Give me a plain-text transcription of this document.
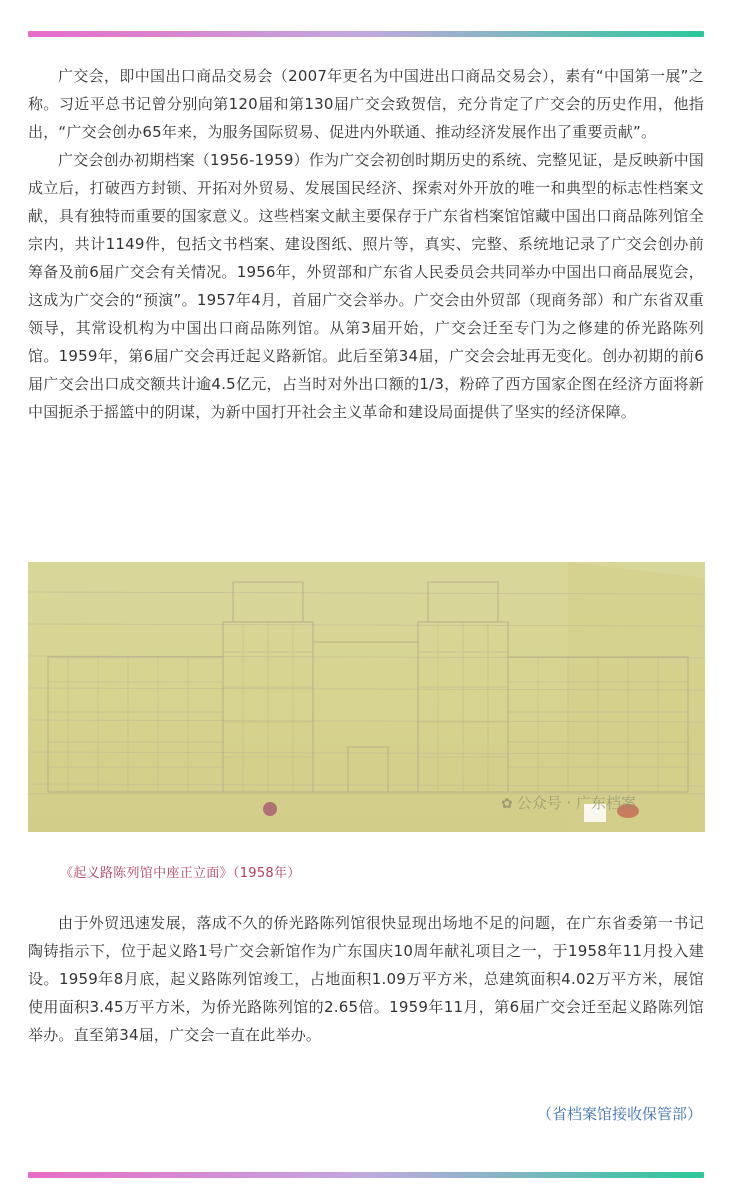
广交会，即中国出口商品交易会（2007年更名为中国进出口商品交易会），素有“中国第一展”之称。习近平总书记曾分别向第120届和第130届广交会致贺信，充分肯定了广交会的历史作用，他指出，“广交会创办65年来，为服务国际贸易、促进内外联通、推动经济发展作出了重要贡献”。

广交会创办初期档案（1956-1959）作为广交会初创时期历史的系统、完整见证，是反映新中国成立后，打破西方封锁、开拓对外贸易、发展国民经济、探索对外开放的唯一和典型的标志性档案文献，具有独特而重要的国家意义。这些档案文献主要保存于广东省档案馆馆藏中国出口商品陈列馆全宗内，共计1149件，包括文书档案、建设图纸、照片等，真实、完整、系统地记录了广交会创办前筹备及前6届广交会有关情况。1956年，外贸部和广东省人民委员会共同举办中国出口商品展览会，这成为广交会的“预演”。1957年4月，首届广交会举办。广交会由外贸部（现商务部）和广东省双重领导，其常设机构为中国出口商品陈列馆。从第3届开始，广交会迁至专门为之修建的侨光路陈列馆。1959年，第6届广交会再迁起义路新馆。此后至第34届，广交会会址再无变化。创办初期的前6届广交会出口成交额共计逾4.5亿元，占当时对外出口额的1/3，粉碎了西方国家企图在经济方面将新中国扼杀于摇篮中的阴谋，为新中国打开社会主义革命和建设局面提供了坚实的经济保障。

✿ 公众号 · 广东档案
《起义路陈列馆中座正立面》（1958年）

由于外贸迅速发展，落成不久的侨光路陈列馆很快显现出场地不足的问题，在广东省委第一书记陶铸指示下，位于起义路1号广交会新馆作为广东国庆10周年献礼项目之一，于1958年11月投入建设。1959年8月底，起义路陈列馆竣工，占地面积1.09万平方米，总建筑面积4.02万平方米，展馆使用面积3.45万平方米，为侨光路陈列馆的2.65倍。1959年11月，第6届广交会迁至起义路陈列馆举办。直至第34届，广交会一直在此举办。

（省档案馆接收保管部）
